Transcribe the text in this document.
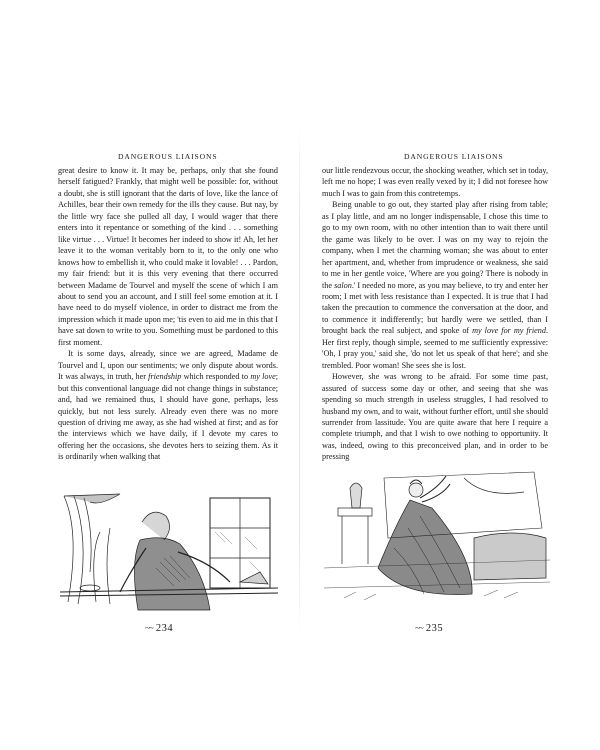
DANGEROUS LIAISONS

great desire to know it. It may be, perhaps, only that she found herself fatigued? Frankly, that might well be possible: for, without a doubt, she is still ignorant that the darts of love, like the lance of Achilles, bear their own remedy for the ills they cause. But nay, by the little wry face she pulled all day, I would wager that there enters into it repentance or something of the kind . . . something like virtue . . . Virtue! It becomes her indeed to show it! Ah, let her leave it to the woman veritably born to it, to the only one who knows how to embellish it, who could make it lovable! . . . Pardon, my fair friend: but it is this very evening that there occurred between Madame de Tourvel and myself the scene of which I am about to send you an account, and I still feel some emotion at it. I have need to do myself violence, in order to distract me from the impression which it made upon me; 'tis even to aid me in this that I have sat down to write to you. Something must be pardoned to this first moment.

It is some days, already, since we are agreed, Madame de Tourvel and I, upon our sentiments; we only dispute about words. It was always, in truth, her friendship which responded to my love; but this conventional language did not change things in substance; and, had we remained thus, I should have gone, perhaps, less quickly, but not less surely. Already even there was no more question of driving me away, as she had wished at first; and as for the interviews which we have daily, if I devote my cares to offering her the occasions, she devotes hers to seizing them. As it is ordinarily when walking that

~~ 234
DANGEROUS LIAISONS

our little rendezvous occur, the shocking weather, which set in today, left me no hope; I was even really vexed by it; I did not foresee how much I was to gain from this contretemps.

Being unable to go out, they started play after rising from table; as I play little, and am no longer indispensable, I chose this time to go to my own room, with no other intention than to wait there until the game was likely to be over. I was on my way to rejoin the company, when I met the charming woman; she was about to enter her apartment, and, whether from imprudence or weakness, she said to me in her gentle voice, 'Where are you going? There is nobody in the salon.' I needed no more, as you may believe, to try and enter her room; I met with less resistance than I expected. It is true that I had taken the precaution to commence the conversation at the door, and to commence it indifferently; but hardly were we settled, than I brought back the real subject, and spoke of my love for my friend. Her first reply, though simple, seemed to me sufficiently expressive: 'Oh, I pray you,' said she, 'do not let us speak of that here'; and she trembled. Poor woman! She sees she is lost.

However, she was wrong to be afraid. For some time past, assured of success some day or other, and seeing that she was spending so much strength in useless struggles, I had resolved to husband my own, and to wait, without further effort, until she should surrender from lassitude. You are quite aware that here I require a complete triumph, and that I wish to owe nothing to opportunity. It was, indeed, owing to this preconceived plan, and in order to be pressing

~~ 235
